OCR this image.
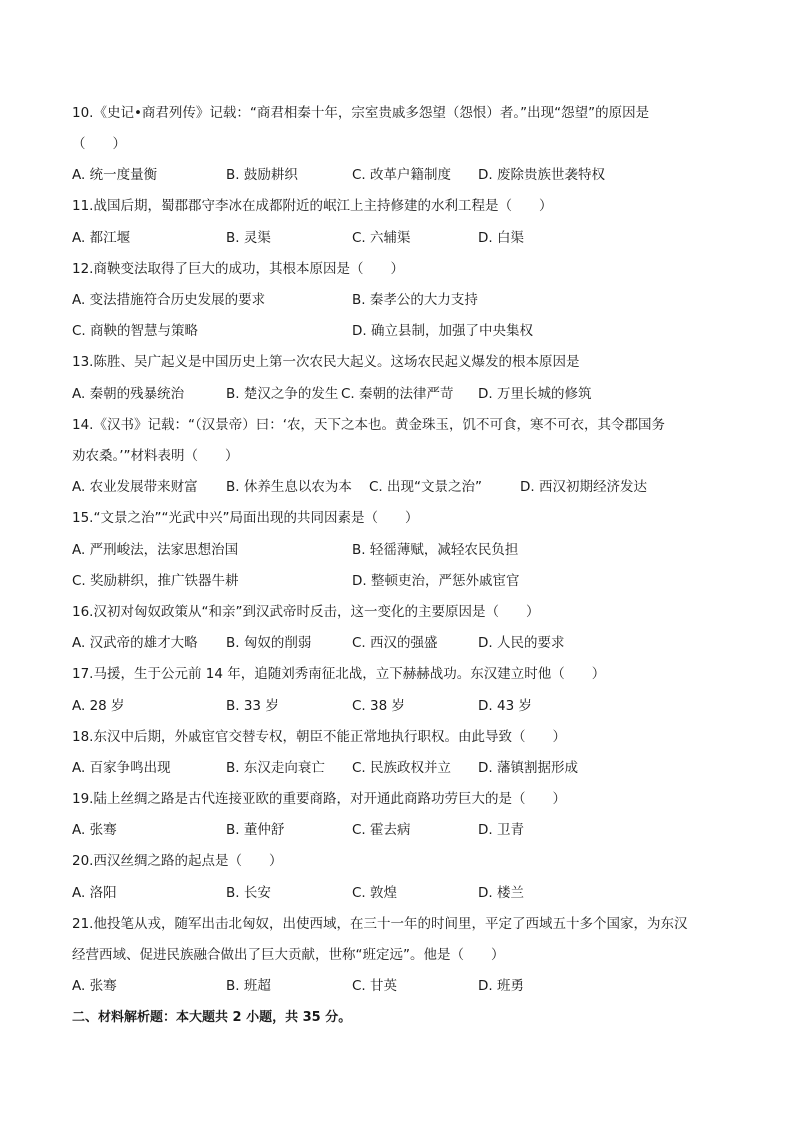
10.《史记•商君列传》记载：“商君相秦十年，宗室贵戚多怨望（怨恨）者。”出现“怨望”的原因是
（　　）
A. 统一度量衡	B. 鼓励耕织	C. 改革户籍制度 D. 废除贵族世袭特权
11.战国后期，蜀郡郡守李冰在成都附近的岷江上主持修建的水利工程是（　　）
A. 都江堰	B. 灵渠	C. 六辅渠	D. 白渠
12.商鞅变法取得了巨大的成功，其根本原因是（　　）
A. 变法措施符合历史发展的要求	B. 秦孝公的大力支持
C. 商鞅的智慧与策略	D. 确立县制，加强了中央集权
13.陈胜、吴广起义是中国历史上第一次农民大起义。这场农民起义爆发的根本原因是
A. 秦朝的残暴统治	B. 楚汉之争的发生 C. 秦朝的法律严苛 D. 万里长城的修筑
14.《汉书》记载：“（汉景帝）曰：‘农，天下之本也。黄金珠玉，饥不可食，寒不可衣，其令郡国务
劝农桑。’”材料表明（　　）
A. 农业发展带来财富 B. 休养生息以农为本 C. 出现“文景之治”	D. 西汉初期经济发达
15.“文景之治”“光武中兴”局面出现的共同因素是（　　）
A. 严刑峻法，法家思想治国	B. 轻徭薄赋，减轻农民负担
C. 奖励耕织，推广铁器牛耕	D. 整顿吏治，严惩外戚宦官
16.汉初对匈奴政策从“和亲”到汉武帝时反击，这一变化的主要原因是（　　）
A. 汉武帝的雄才大略 B. 匈奴的削弱	C. 西汉的强盛	D. 人民的要求
17.马援，生于公元前 14 年，追随刘秀南征北战，立下赫赫战功。东汉建立时他（　　）
A. 28 岁	B. 33 岁	C. 38 岁	D. 43 岁
18.东汉中后期，外戚宦官交替专权，朝臣不能正常地执行职权。由此导致（　　）
A. 百家争鸣出现	B. 东汉走向衰亡 C. 民族政权并立 D. 藩镇割据形成
19.陆上丝绸之路是古代连接亚欧的重要商路，对开通此商路功劳巨大的是（　　）
A. 张骞	B. 董仲舒	C. 霍去病	D. 卫青
20.西汉丝绸之路的起点是（　　）
A. 洛阳	B. 长安	C. 敦煌	D. 楼兰
21.他投笔从戎，随军出击北匈奴，出使西域，在三十一年的时间里，平定了西域五十多个国家，为东汉
经营西域、促进民族融合做出了巨大贡献，世称“班定远”。他是（　　）
A. 张骞	B. 班超	C. 甘英	D. 班勇
二、材料解析题：本大题共 2 小题，共 35 分。
